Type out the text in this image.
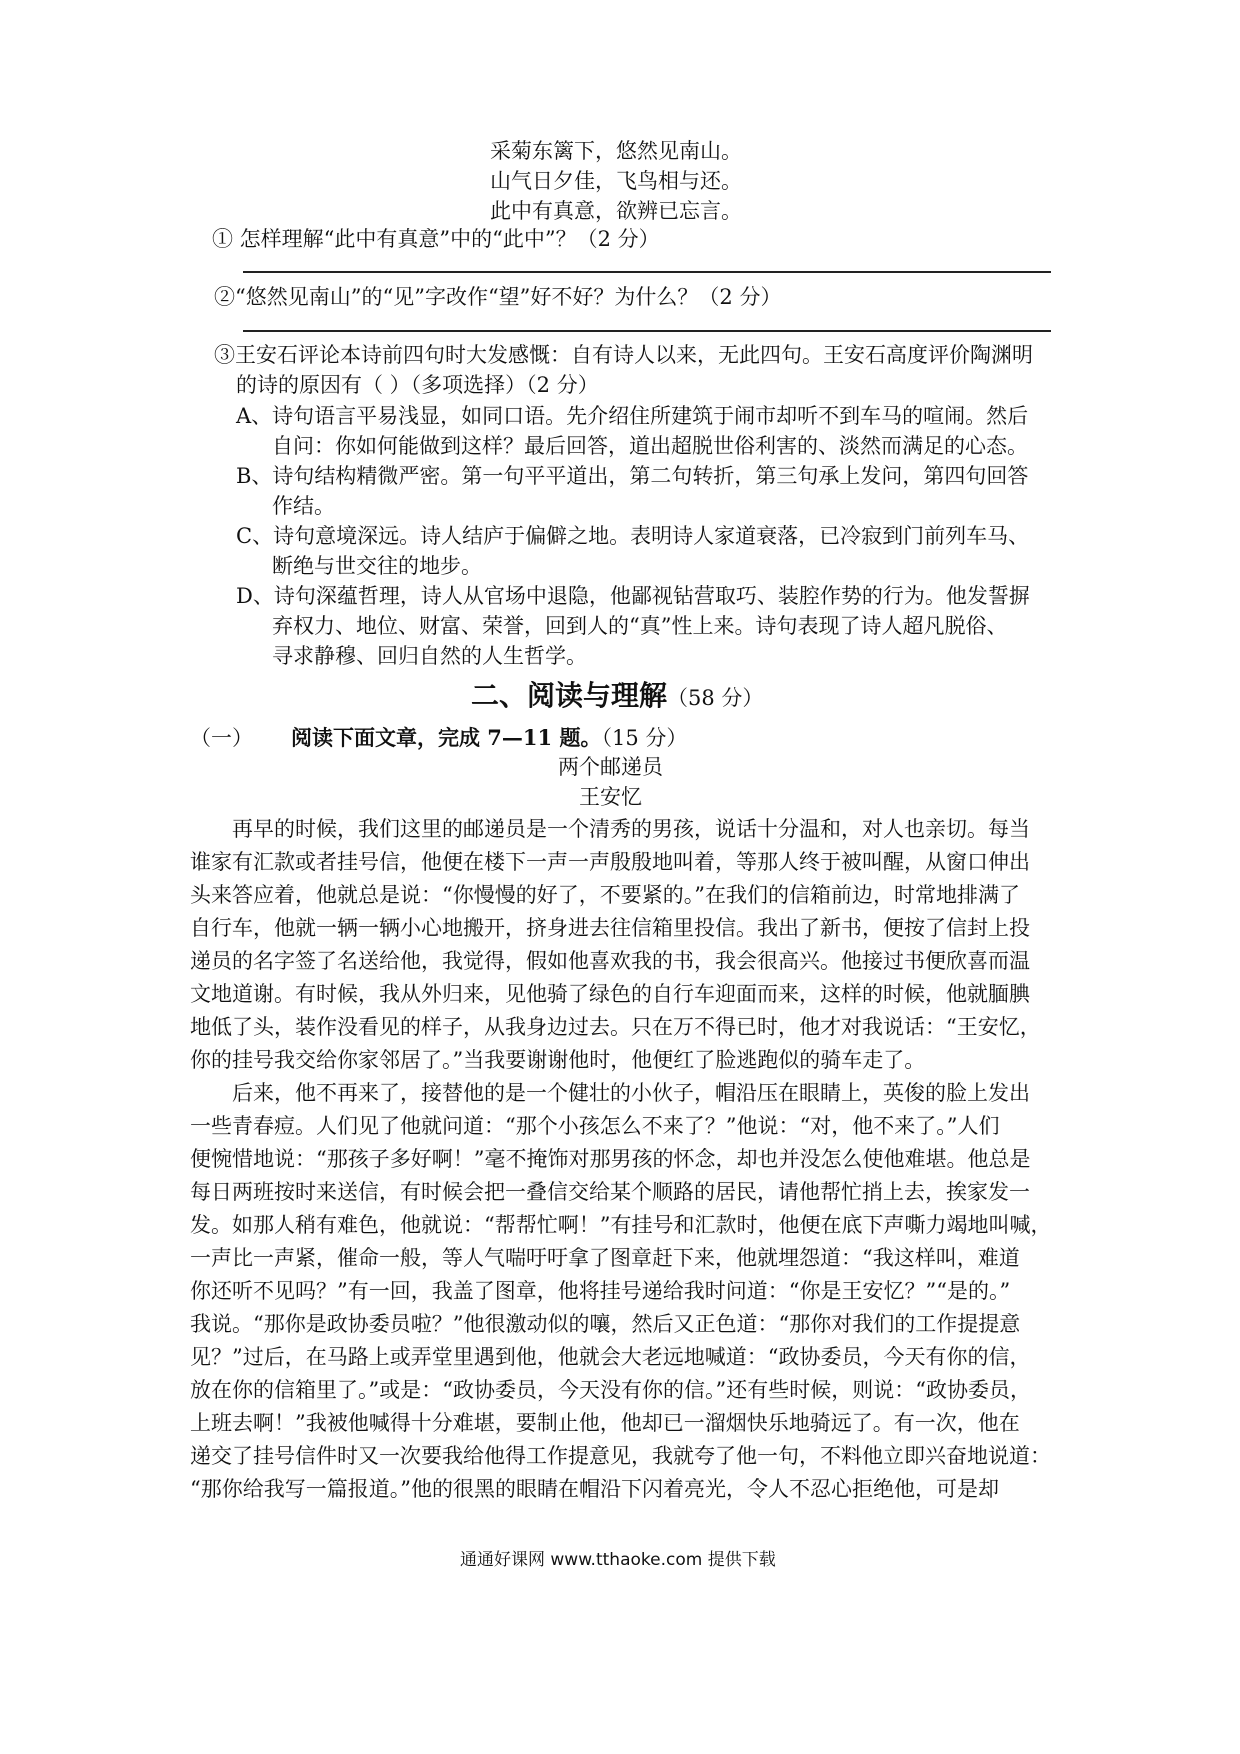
采菊东篱下，悠然见南山。
山气日夕佳，飞鸟相与还。
此中有真意，欲辨已忘言。
① 怎样理解“此中有真意”中的“此中”？（2 分）
②“悠然见南山”的“见”字改作“望”好不好？为什么？（2 分）
③王安石评论本诗前四句时大发感慨：自有诗人以来，无此四句。王安石高度评价陶渊明
的诗的原因有（ ）（多项选择）（2 分）
A、诗句语言平易浅显，如同口语。先介绍住所建筑于闹市却听不到车马的喧闹。然后
自问：你如何能做到这样？最后回答，道出超脱世俗利害的、淡然而满足的心态。
B、诗句结构精微严密。第一句平平道出，第二句转折，第三句承上发问，第四句回答
作结。
C、诗句意境深远。诗人结庐于偏僻之地。表明诗人家道衰落，已冷寂到门前列车马、
断绝与世交往的地步。
D、诗句深蕴哲理，诗人从官场中退隐，他鄙视钻营取巧、装腔作势的行为。他发誓摒
弃权力、地位、财富、荣誉，回到人的“真”性上来。诗句表现了诗人超凡脱俗、
寻求静穆、回归自然的人生哲学。
二、阅读与理解（58 分）
（一） 阅读下面文章，完成 7—11 题。（15 分）
两个邮递员
王安忆
　　再早的时候，我们这里的邮递员是一个清秀的男孩，说话十分温和，对人也亲切。每当
谁家有汇款或者挂号信，他便在楼下一声一声殷殷地叫着，等那人终于被叫醒，从窗口伸出
头来答应着，他就总是说：“你慢慢的好了，不要紧的。”在我们的信箱前边，时常地排满了
自行车，他就一辆一辆小心地搬开，挤身进去往信箱里投信。我出了新书，便按了信封上投
递员的名字签了名送给他，我觉得，假如他喜欢我的书，我会很高兴。他接过书便欣喜而温
文地道谢。有时候，我从外归来，见他骑了绿色的自行车迎面而来，这样的时候，他就腼腆
地低了头，装作没看见的样子，从我身边过去。只在万不得已时，他才对我说话：“王安忆，
你的挂号我交给你家邻居了。”当我要谢谢他时，他便红了脸逃跑似的骑车走了。
　　后来，他不再来了，接替他的是一个健壮的小伙子，帽沿压在眼睛上，英俊的脸上发出
一些青春痘。人们见了他就问道：“那个小孩怎么不来了？”他说：“对，他不来了。”人们
便惋惜地说：“那孩子多好啊！”毫不掩饰对那男孩的怀念，却也并没怎么使他难堪。他总是
每日两班按时来送信，有时候会把一叠信交给某个顺路的居民，请他帮忙捎上去，挨家发一
发。如那人稍有难色，他就说：“帮帮忙啊！”有挂号和汇款时，他便在底下声嘶力竭地叫喊，
一声比一声紧，催命一般，等人气喘吁吁拿了图章赶下来，他就埋怨道：“我这样叫，难道
你还听不见吗？”有一回，我盖了图章，他将挂号递给我时问道：“你是王安忆？”“是的。”
我说。“那你是政协委员啦？”他很激动似的嚷，然后又正色道：“那你对我们的工作提提意
见？”过后，在马路上或弄堂里遇到他，他就会大老远地喊道：“政协委员，今天有你的信，
放在你的信箱里了。”或是：“政协委员，今天没有你的信。”还有些时候，则说：“政协委员，
上班去啊！”我被他喊得十分难堪，要制止他，他却已一溜烟快乐地骑远了。有一次，他在
递交了挂号信件时又一次要我给他得工作提意见，我就夸了他一句，不料他立即兴奋地说道：
“那你给我写一篇报道。”他的很黑的眼睛在帽沿下闪着亮光，令人不忍心拒绝他，可是却
通通好课网 www.tthaoke.com 提供下载
